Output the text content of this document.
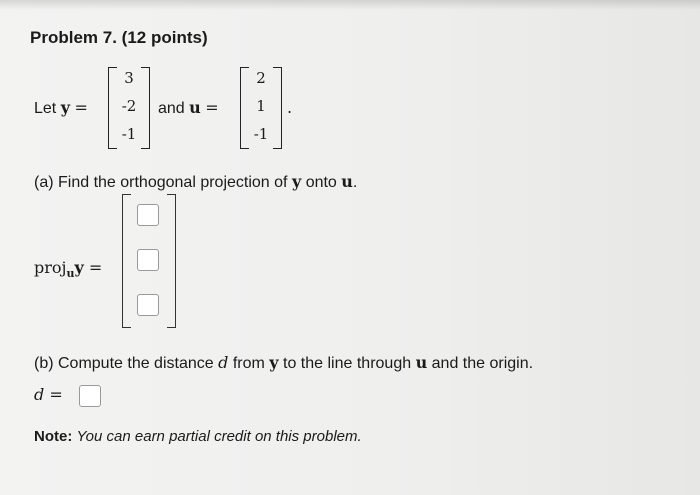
Problem 7. (12 points)
Let y =
3
-2
-1
and u =
2
1
-1
.
(a) Find the orthogonal projection of y onto u.
proj$_u$y =
(b) Compute the distance d from y to the line through u and the origin.
d =
Note: You can earn partial credit on this problem.
